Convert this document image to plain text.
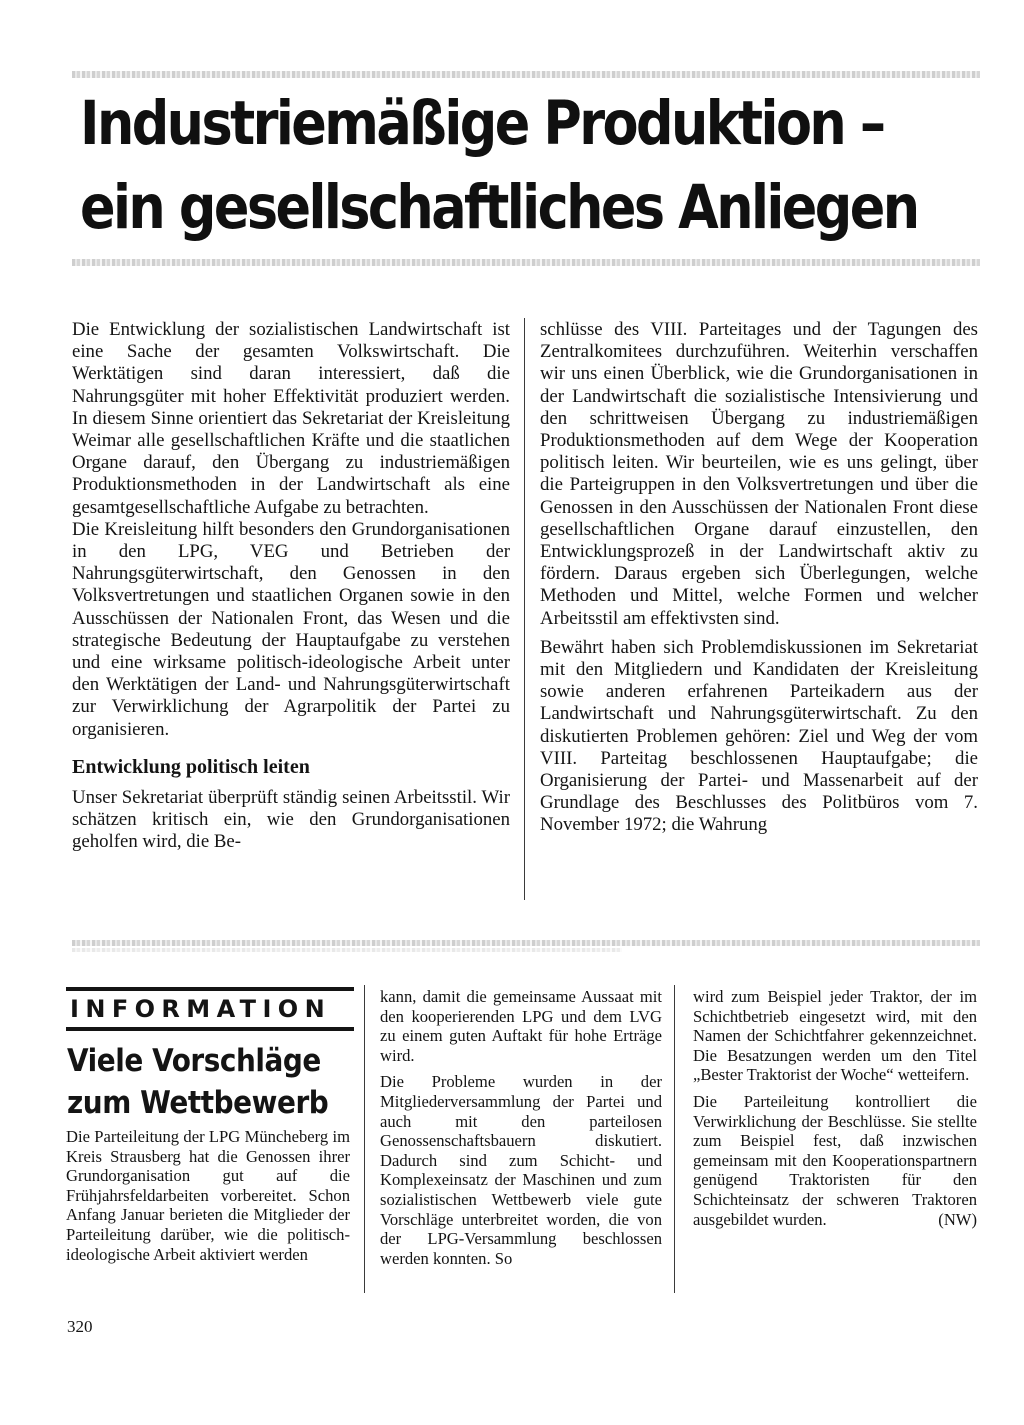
Industriemäßige Produktion –
ein gesellschaftliches Anliegen

Die Entwicklung der sozialistischen Landwirtschaft ist eine Sache der gesamten Volkswirtschaft. Die Werktätigen sind daran interessiert, daß die Nahrungsgüter mit hoher Effektivität produziert werden. In diesem Sinne orientiert das Sekretariat der Kreisleitung Weimar alle gesellschaftlichen Kräfte und die staatlichen Organe darauf, den Übergang zu industriemäßigen Produktionsmethoden in der Landwirtschaft als eine gesamtgesellschaftliche Aufgabe zu betrachten.

Die Kreisleitung hilft besonders den Grundorganisationen in den LPG, VEG und Betrieben der Nahrungsgüterwirtschaft, den Genossen in den Volksvertretungen und staatlichen Organen sowie in den Ausschüssen der Nationalen Front, das Wesen und die strategische Bedeutung der Hauptaufgabe zu verstehen und eine wirksame politisch-ideologische Arbeit unter den Werktätigen der Land- und Nahrungsgüterwirtschaft zur Verwirklichung der Agrarpolitik der Partei zu organisieren.

Entwicklung politisch leiten

Unser Sekretariat überprüft ständig seinen Arbeitsstil. Wir schätzen kritisch ein, wie den Grundorganisationen geholfen wird, die Be-

schlüsse des VIII. Parteitages und der Tagungen des Zentralkomitees durchzuführen. Weiterhin verschaffen wir uns einen Überblick, wie die Grundorganisationen in der Landwirtschaft die sozialistische Intensivierung und den schrittweisen Übergang zu industriemäßigen Produktionsmethoden auf dem Wege der Kooperation politisch leiten. Wir beurteilen, wie es uns gelingt, über die Parteigruppen in den Volksvertretungen und über die Genossen in den Ausschüssen der Nationalen Front diese gesellschaftlichen Organe darauf einzustellen, den Entwicklungsprozeß in der Landwirtschaft aktiv zu fördern. Daraus ergeben sich Überlegungen, welche Methoden und Mittel, welche Formen und welcher Arbeitsstil am effektivsten sind.

Bewährt haben sich Problemdiskussionen im Sekretariat mit den Mitgliedern und Kandidaten der Kreisleitung sowie anderen erfahrenen Parteikadern aus der Landwirtschaft und Nahrungsgüterwirtschaft. Zu den diskutierten Problemen gehören: Ziel und Weg der vom VIII. Parteitag beschlossenen Hauptaufgabe; die Organisierung der Partei- und Massenarbeit auf der Grundlage des Beschlusses des Politbüros vom 7. November 1972; die Wahrung

INFORMATION
Viele Vorschläge
zum Wettbewerb

Die Parteileitung der LPG Müncheberg im Kreis Strausberg hat die Genossen ihrer Grundorganisation gut auf die Frühjahrsfeldarbeiten vorbereitet. Schon Anfang Januar berieten die Mitglieder der Parteileitung darüber, wie die politisch-ideologische Arbeit aktiviert werden

kann, damit die gemeinsame Aussaat mit den kooperierenden LPG und dem LVG zu einem guten Auftakt für hohe Erträge wird.

Die Probleme wurden in der Mitgliederversammlung der Partei und auch mit den parteilosen Genossenschaftsbauern diskutiert. Dadurch sind zum Schicht- und Komplexeinsatz der Maschinen und zum sozialistischen Wettbewerb viele gute Vorschläge unterbreitet worden, die von der LPG-Versammlung beschlossen werden konnten. So

wird zum Beispiel jeder Traktor, der im Schichtbetrieb eingesetzt wird, mit den Namen der Schichtfahrer gekennzeichnet. Die Besatzungen werden um den Titel „Bester Traktorist der Woche“ wetteifern.

Die Parteileitung kontrolliert die Verwirklichung der Beschlüsse. Sie stellte zum Beispiel fest, daß inzwischen gemeinsam mit den Kooperationspartnern genügend Traktoristen für den Schichteinsatz der schweren Traktoren ausgebildet wurden.	(NW)

320
